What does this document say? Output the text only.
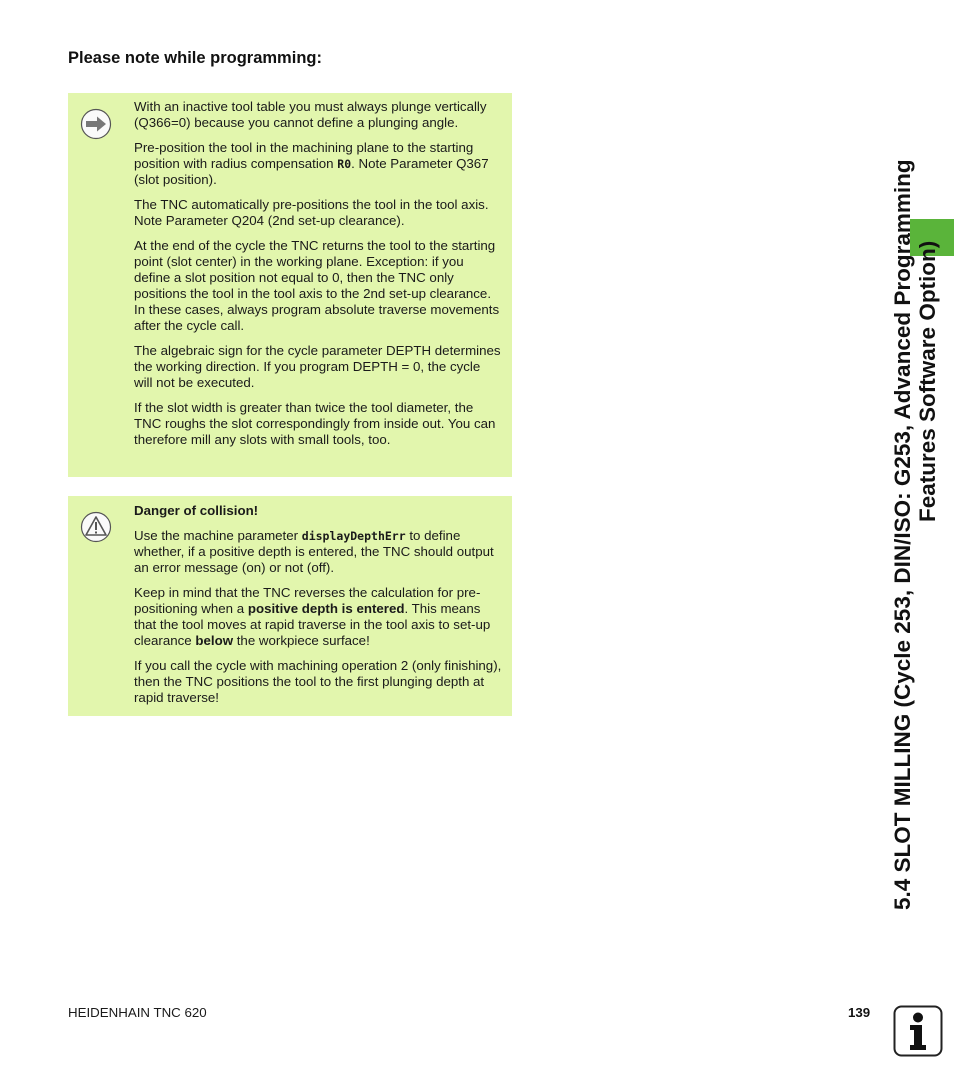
Please note while programming:

With an inactive tool table you must always plunge vertically (Q366=0) because you cannot define a plunging angle.

Pre-position the tool in the machining plane to the starting position with radius compensation R0. Note Parameter Q367 (slot position).

The TNC automatically pre-positions the tool in the tool axis. Note Parameter Q204 (2nd set-up clearance).

At the end of the cycle the TNC returns the tool to the starting point (slot center) in the working plane. Exception: if you define a slot position not equal to 0, then the TNC only positions the tool in the tool axis to the 2nd set-up clearance. In these cases, always program absolute traverse movements after the cycle call.

The algebraic sign for the cycle parameter DEPTH determines the working direction. If you program DEPTH = 0, the cycle will not be executed.

If the slot width is greater than twice the tool diameter, the TNC roughs the slot correspondingly from inside out. You can therefore mill any slots with small tools, too.

Danger of collision!

Use the machine parameter displayDepthErr to define whether, if a positive depth is entered, the TNC should output an error message (on) or not (off).

Keep in mind that the TNC reverses the calculation for pre-positioning when a positive depth is entered. This means that the tool moves at rapid traverse in the tool axis to set-up clearance below the workpiece surface!

If you call the cycle with machining operation 2 (only finishing), then the TNC positions the tool to the first plunging depth at rapid traverse!	5.4 SLOT MILLING (Cycle 253, DIN/ISO: G253, Advanced Programming Features Software Option)
HEIDENHAIN TNC 620	139
